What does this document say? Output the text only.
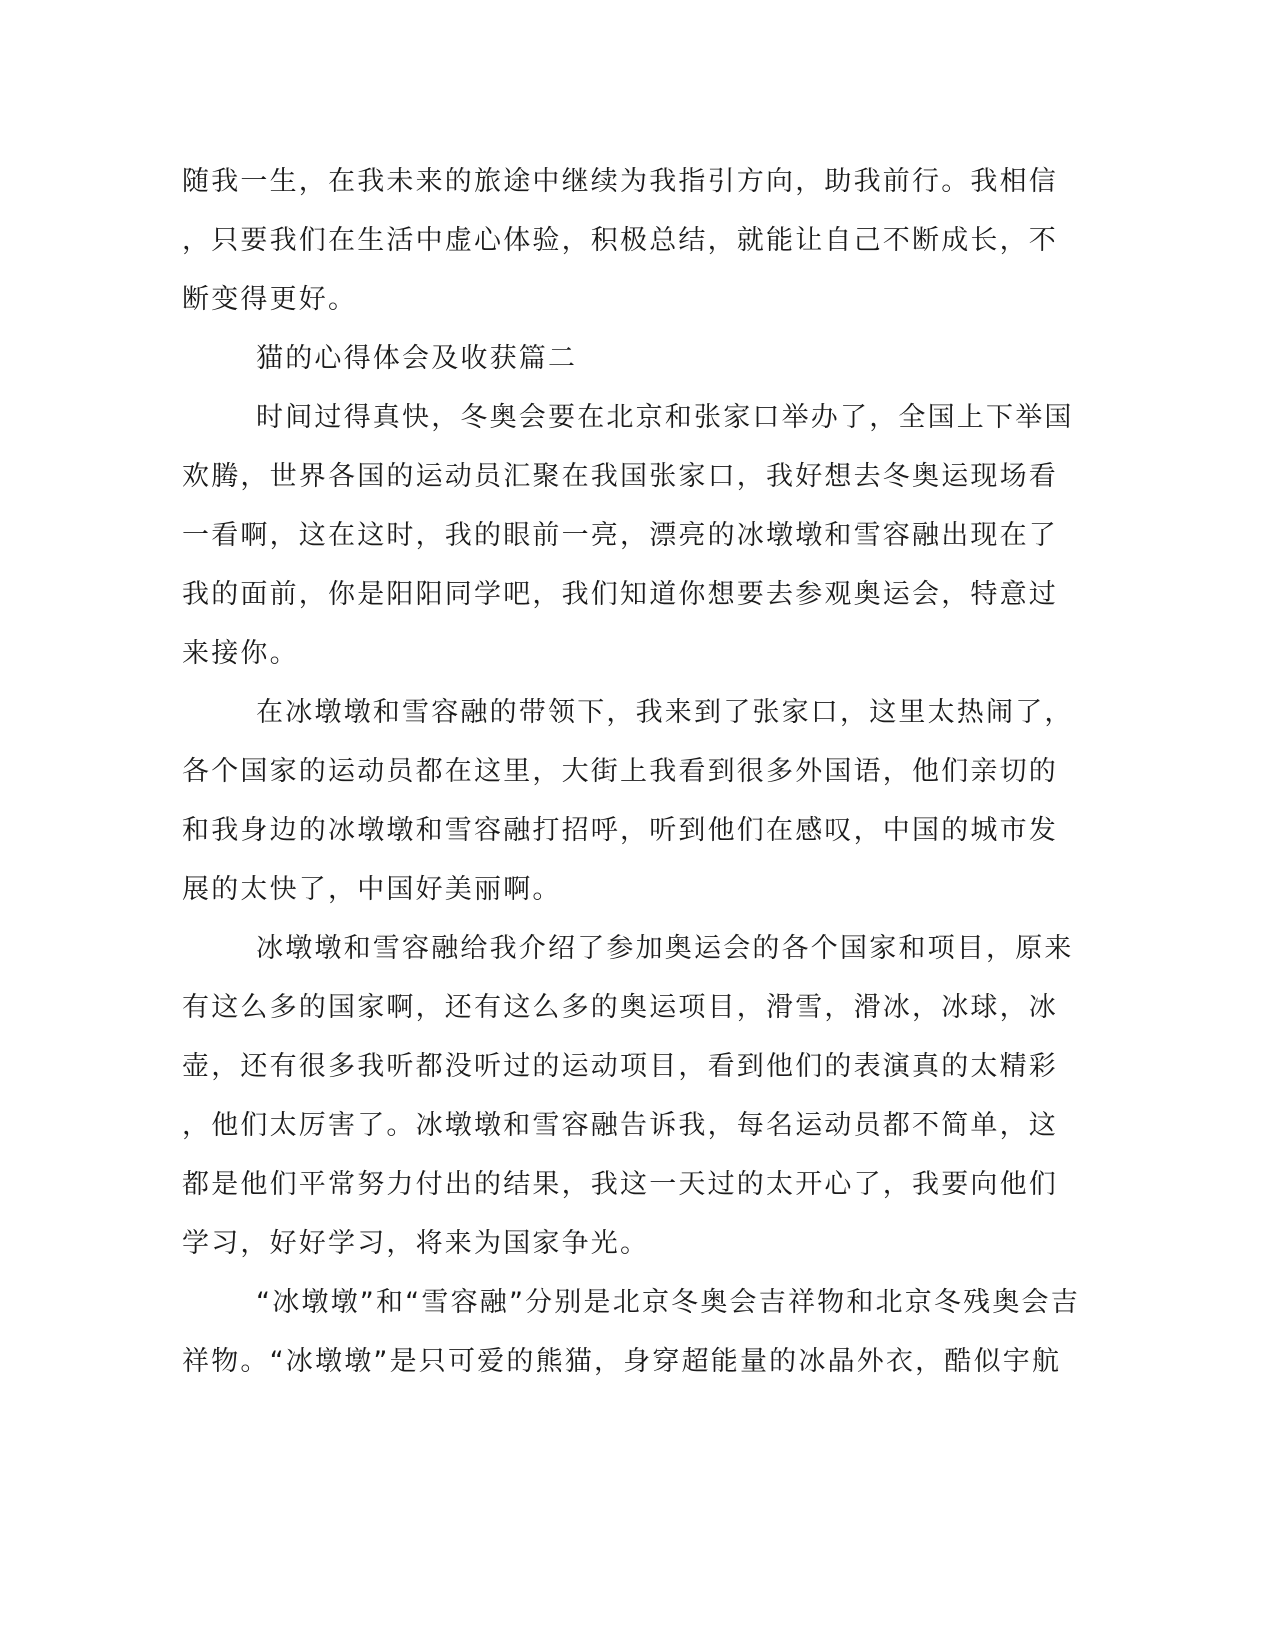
随我一生，在我未来的旅途中继续为我指引方向，助我前行。我相信

，只要我们在生活中虚心体验，积极总结，就能让自己不断成长，不

断变得更好。

猫的心得体会及收获篇二

时间过得真快，冬奥会要在北京和张家口举办了，全国上下举国

欢腾，世界各国的运动员汇聚在我国张家口，我好想去冬奥运现场看

一看啊，这在这时，我的眼前一亮，漂亮的冰墩墩和雪容融出现在了

我的面前，你是阳阳同学吧，我们知道你想要去参观奥运会，特意过

来接你。

在冰墩墩和雪容融的带领下，我来到了张家口，这里太热闹了，

各个国家的运动员都在这里，大街上我看到很多外国语，他们亲切的

和我身边的冰墩墩和雪容融打招呼，听到他们在感叹，中国的城市发

展的太快了，中国好美丽啊。

冰墩墩和雪容融给我介绍了参加奥运会的各个国家和项目，原来

有这么多的国家啊，还有这么多的奥运项目，滑雪，滑冰，冰球，冰

壶，还有很多我听都没听过的运动项目，看到他们的表演真的太精彩

，他们太厉害了。冰墩墩和雪容融告诉我，每名运动员都不简单，这

都是他们平常努力付出的结果，我这一天过的太开心了，我要向他们

学习，好好学习，将来为国家争光。

“冰墩墩”和“雪容融”分别是北京冬奥会吉祥物和北京冬残奥会吉

祥物。“冰墩墩”是只可爱的熊猫，身穿超能量的冰晶外衣，酷似宇航
